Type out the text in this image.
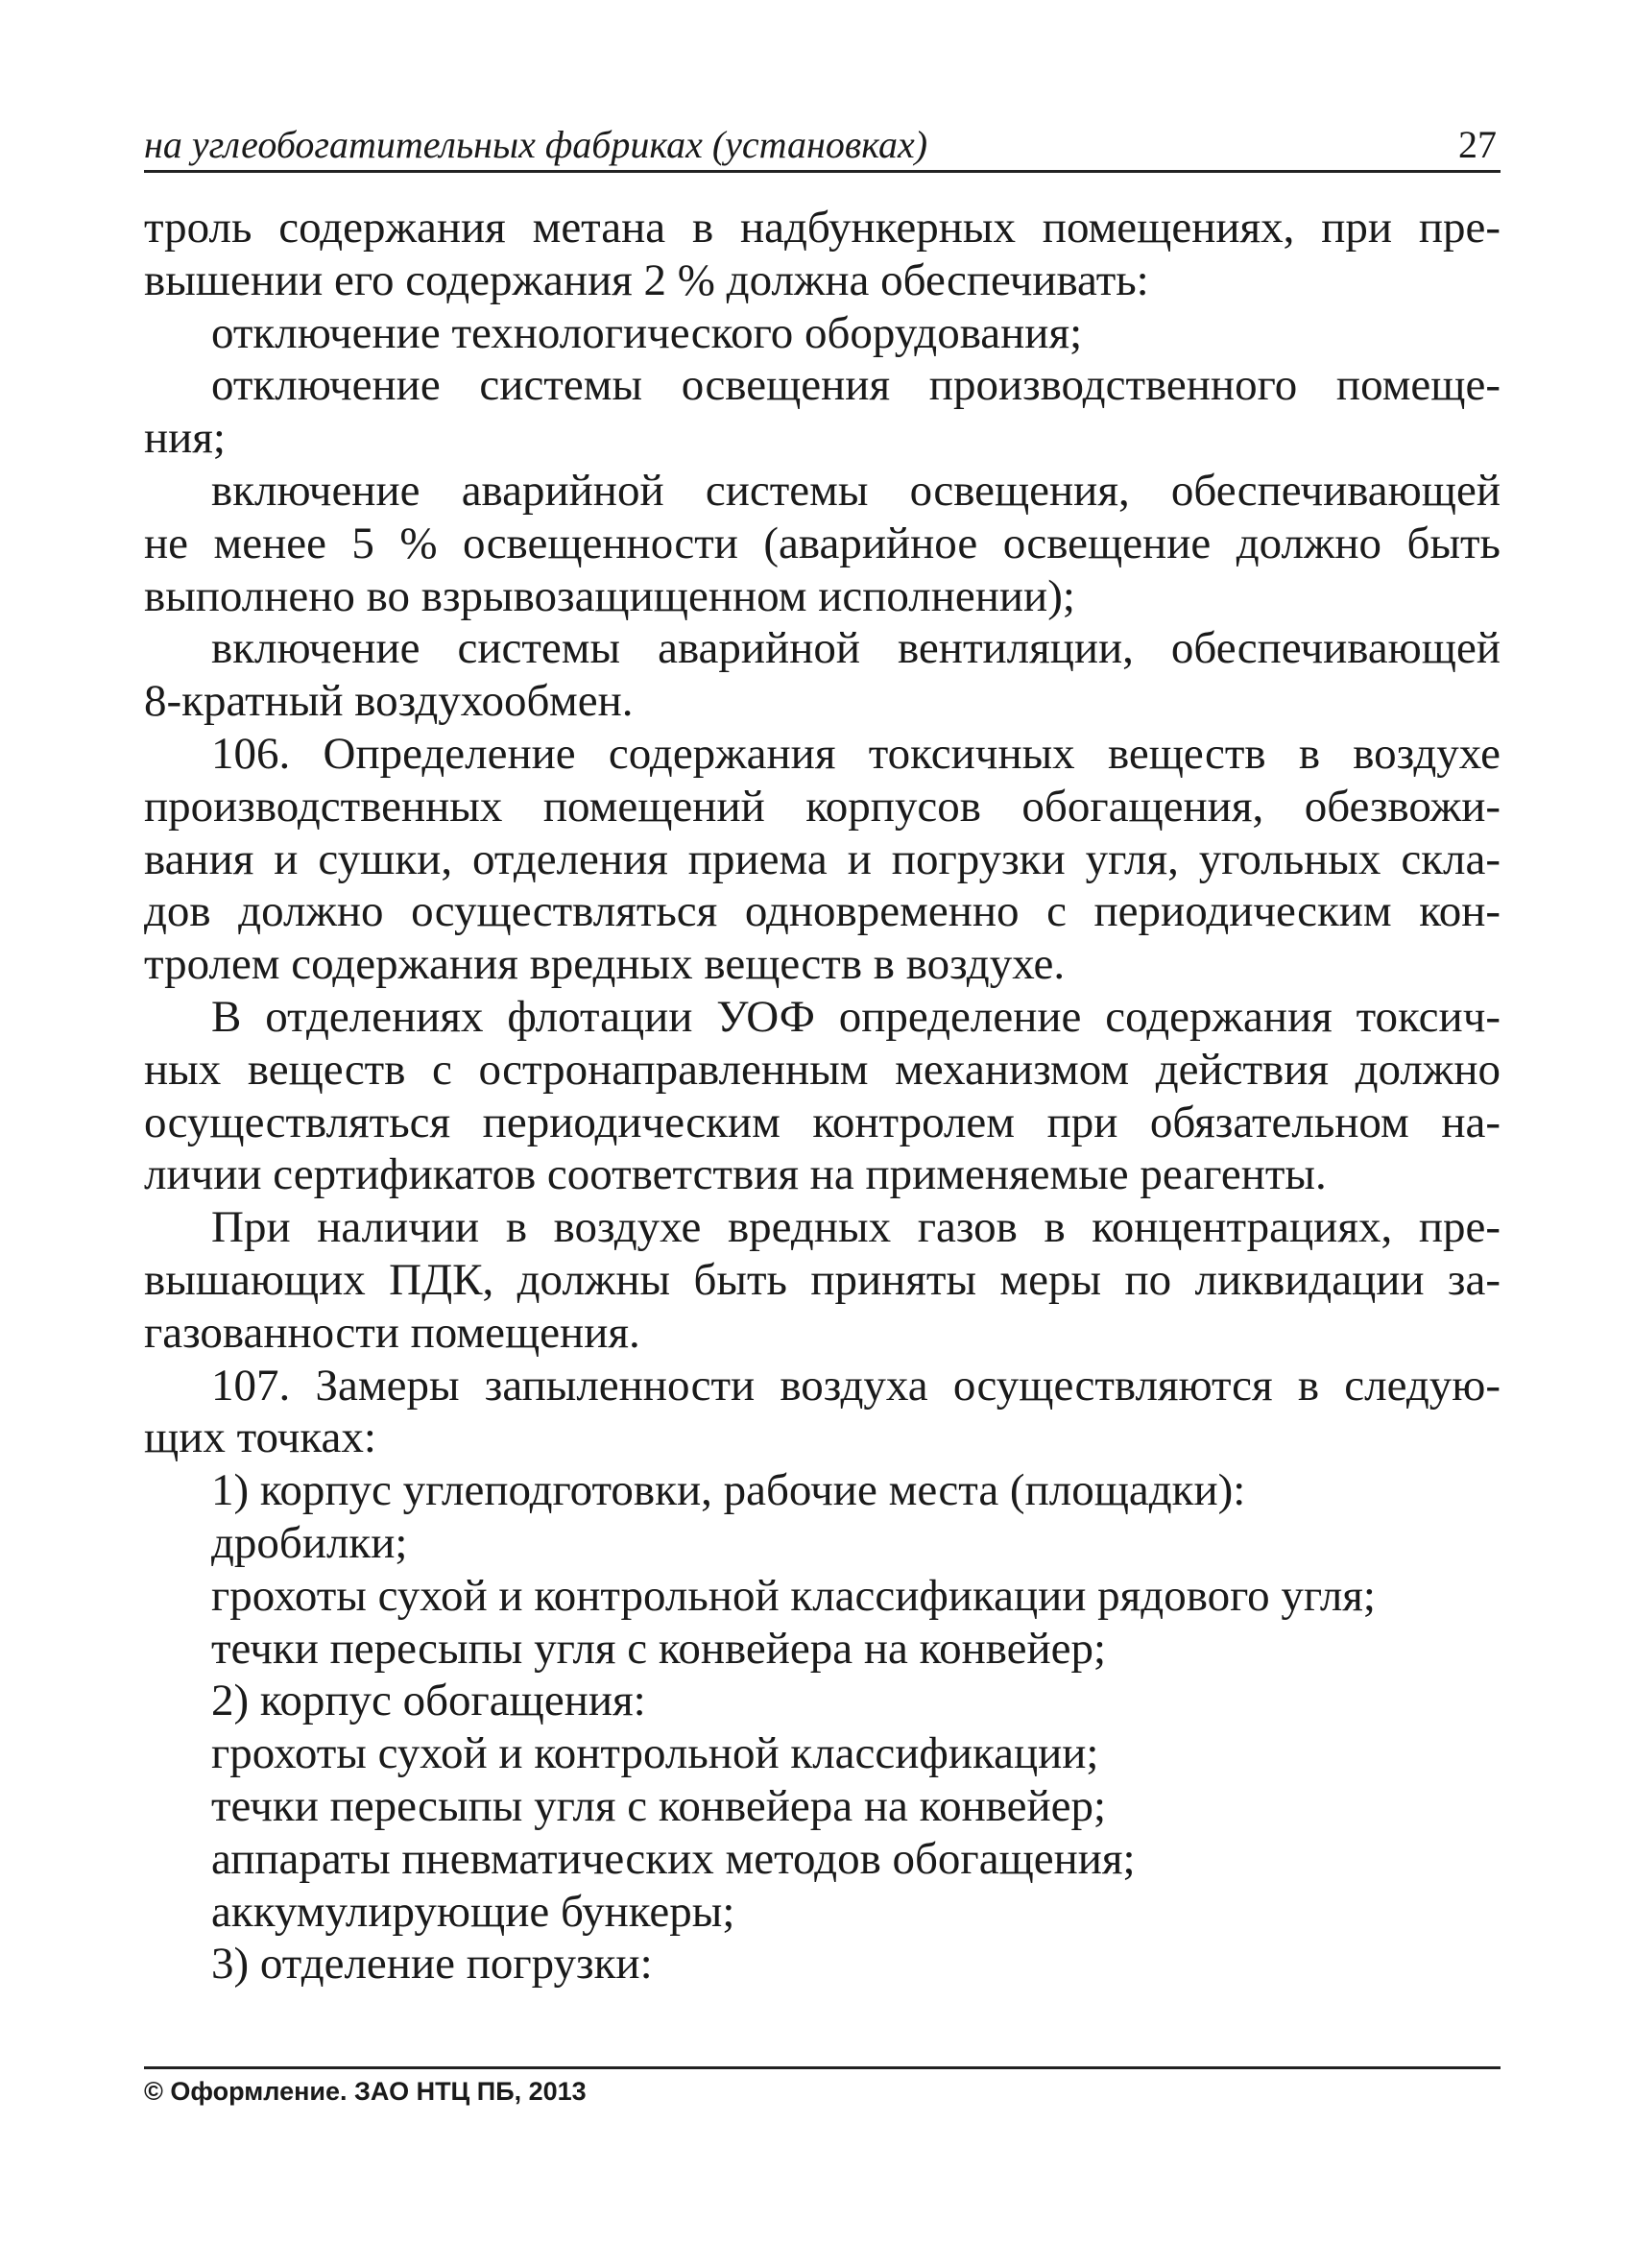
на углеобогатительных фабриках (установках)	27
троль содержания метана в надбункерных помещениях, при пре-
вышении его содержания 2 % должна обеспечивать:
отключение технологического оборудования;
отключение системы освещения производственного помеще-
ния;
включение аварийной системы освещения, обеспечивающей
не менее 5 % освещенности (аварийное освещение должно быть
выполнено во взрывозащищенном исполнении);
включение системы аварийной вентиляции, обеспечивающей
8-кратный воздухообмен.
106. Определение содержания токсичных веществ в воздухе
производственных помещений корпусов обогащения, обезвожи-
вания и сушки, отделения приема и погрузки угля, угольных скла-
дов должно осуществляться одновременно с периодическим кон-
тролем содержания вредных веществ в воздухе.
В отделениях флотации УОФ определение содержания токсич-
ных веществ с остронаправленным механизмом действия должно
осуществляться периодическим контролем при обязательном на-
личии сертификатов соответствия на применяемые реагенты.
При наличии в воздухе вредных газов в концентрациях, пре-
вышающих ПДК, должны быть приняты меры по ликвидации за-
газованности помещения.
107. Замеры запыленности воздуха осуществляются в следую-
щих точках:
1) корпус углеподготовки, рабочие места (площадки):
дробилки;
грохоты сухой и контрольной классификации рядового угля;
течки пересыпы угля с конвейера на конвейер;
2) корпус обогащения:
грохоты сухой и контрольной классификации;
течки пересыпы угля с конвейера на конвейер;
аппараты пневматических методов обогащения;
аккумулирующие бункеры;
3) отделение погрузки:
© Оформление. ЗАО НТЦ ПБ, 2013
